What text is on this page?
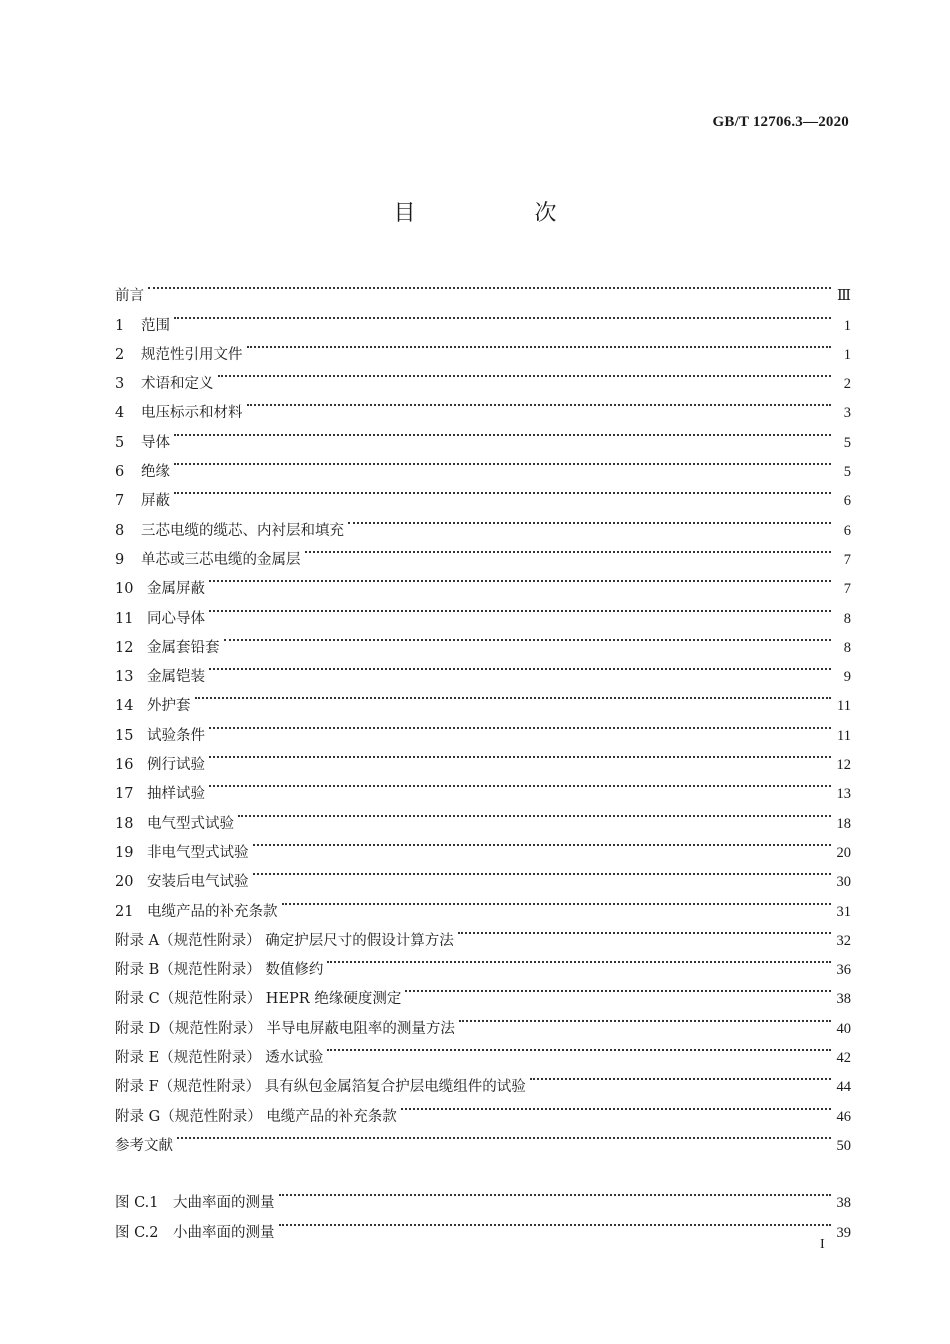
GB/T 12706.3—2020
目 次
前言	Ⅲ
1	范围	1
2	规范性引用文件	1
3	术语和定义	2
4	电压标示和材料	3
5	导体	5
6	绝缘	5
7	屏蔽	6
8	三芯电缆的缆芯、内衬层和填充	6
9	单芯或三芯电缆的金属层	7
10 金属屏蔽	7
11 同心导体	8
12 金属套铅套	8
13 金属铠装	9
14 外护套	11
15 试验条件	11
16 例行试验	12
17 抽样试验	13
18 电气型式试验	18
19 非电气型式试验	20
20 安装后电气试验	30
21 电缆产品的补充条款	31
附录 A（规范性附录） 确定护层尺寸的假设计算方法	32
附录 B（规范性附录） 数值修约	36
附录 C（规范性附录） HEPR 绝缘硬度测定	38
附录 D（规范性附录） 半导电屏蔽电阻率的测量方法	40
附录 E（规范性附录） 透水试验	42
附录 F（规范性附录） 具有纵包金属箔复合护层电缆组件的试验	44
附录 G（规范性附录） 电缆产品的补充条款	46
参考文献	50
图 C.1　大曲率面的测量	38
图 C.2　小曲率面的测量	39
I
